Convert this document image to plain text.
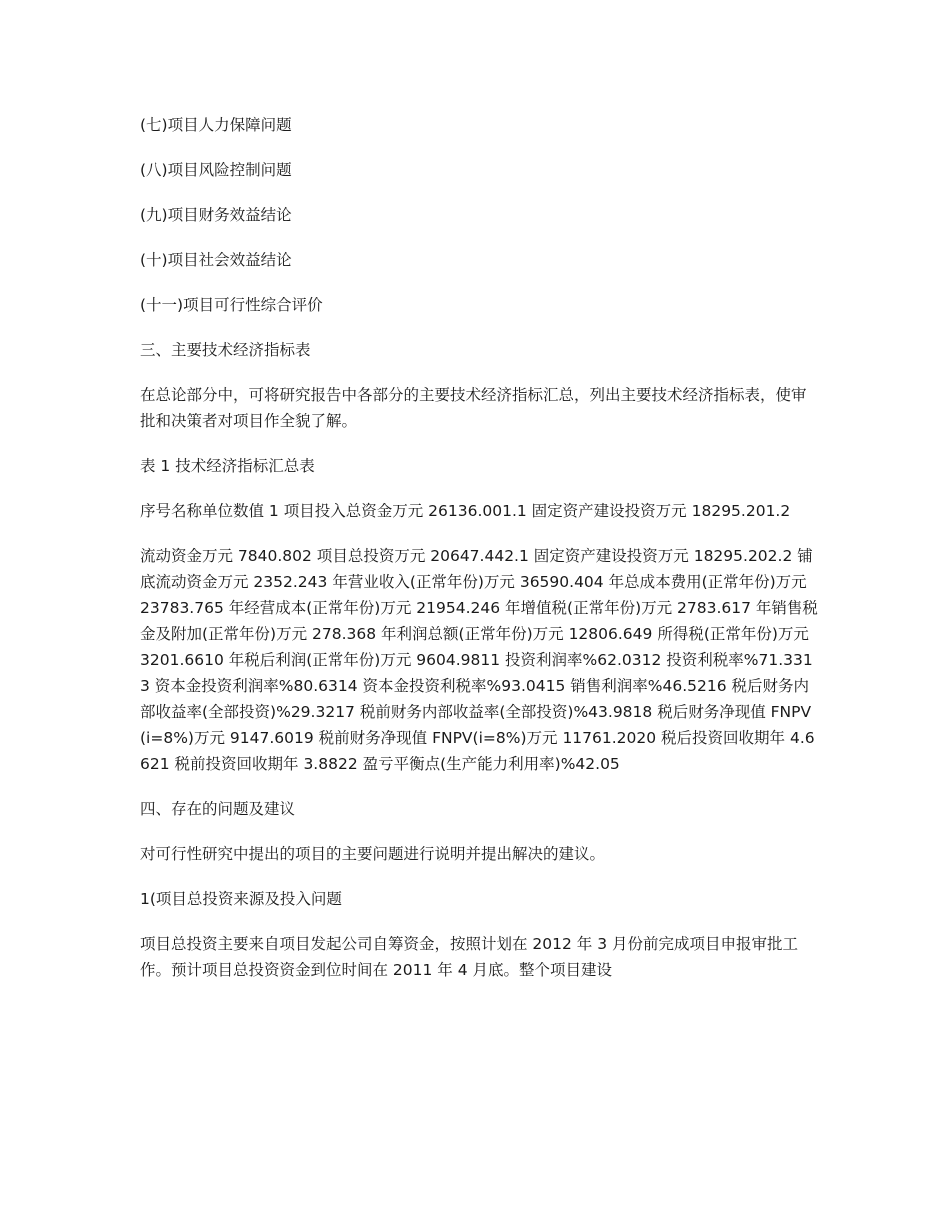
(七)项目人力保障问题

(八)项目风险控制问题

(九)项目财务效益结论

(十)项目社会效益结论

(十一)项目可行性综合评价

三、主要技术经济指标表

在总论部分中，可将研究报告中各部分的主要技术经济指标汇总，列出主要技术经济指标表，使审批和决策者对项目作全貌了解。

表 1 技术经济指标汇总表

序号名称单位数值 1 项目投入总资金万元 26136.001.1 固定资产建设投资万元 18295.201.2

流动资金万元 7840.802 项目总投资万元 20647.442.1 固定资产建设投资万元 18295.202.2 铺底流动资金万元 2352.243 年营业收入(正常年份)万元 36590.404 年总成本费用(正常年份)万元 23783.765 年经营成本(正常年份)万元 21954.246 年增值税(正常年份)万元 2783.617 年销售税金及附加(正常年份)万元 278.368 年利润总额(正常年份)万元 12806.649 所得税(正常年份)万元 3201.6610 年税后利润(正常年份)万元 9604.9811 投资利润率%62.0312 投资利税率%71.3313 资本金投资利润率%80.6314 资本金投资利税率%93.0415 销售利润率%46.5216 税后财务内部收益率(全部投资)%29.3217 税前财务内部收益率(全部投资)%43.9818 税后财务净现值 FNPV(i=8%)万元 9147.6019 税前财务净现值 FNPV(i=8%)万元 11761.2020 税后投资回收期年 4.6621 税前投资回收期年 3.8822 盈亏平衡点(生产能力利用率)%42.05

四、存在的问题及建议

对可行性研究中提出的项目的主要问题进行说明并提出解决的建议。

1(项目总投资来源及投入问题

项目总投资主要来自项目发起公司自筹资金，按照计划在 2012 年 3 月份前完成项目申报审批工作。预计项目总投资资金到位时间在 2011 年 4 月底。整个项目建设
